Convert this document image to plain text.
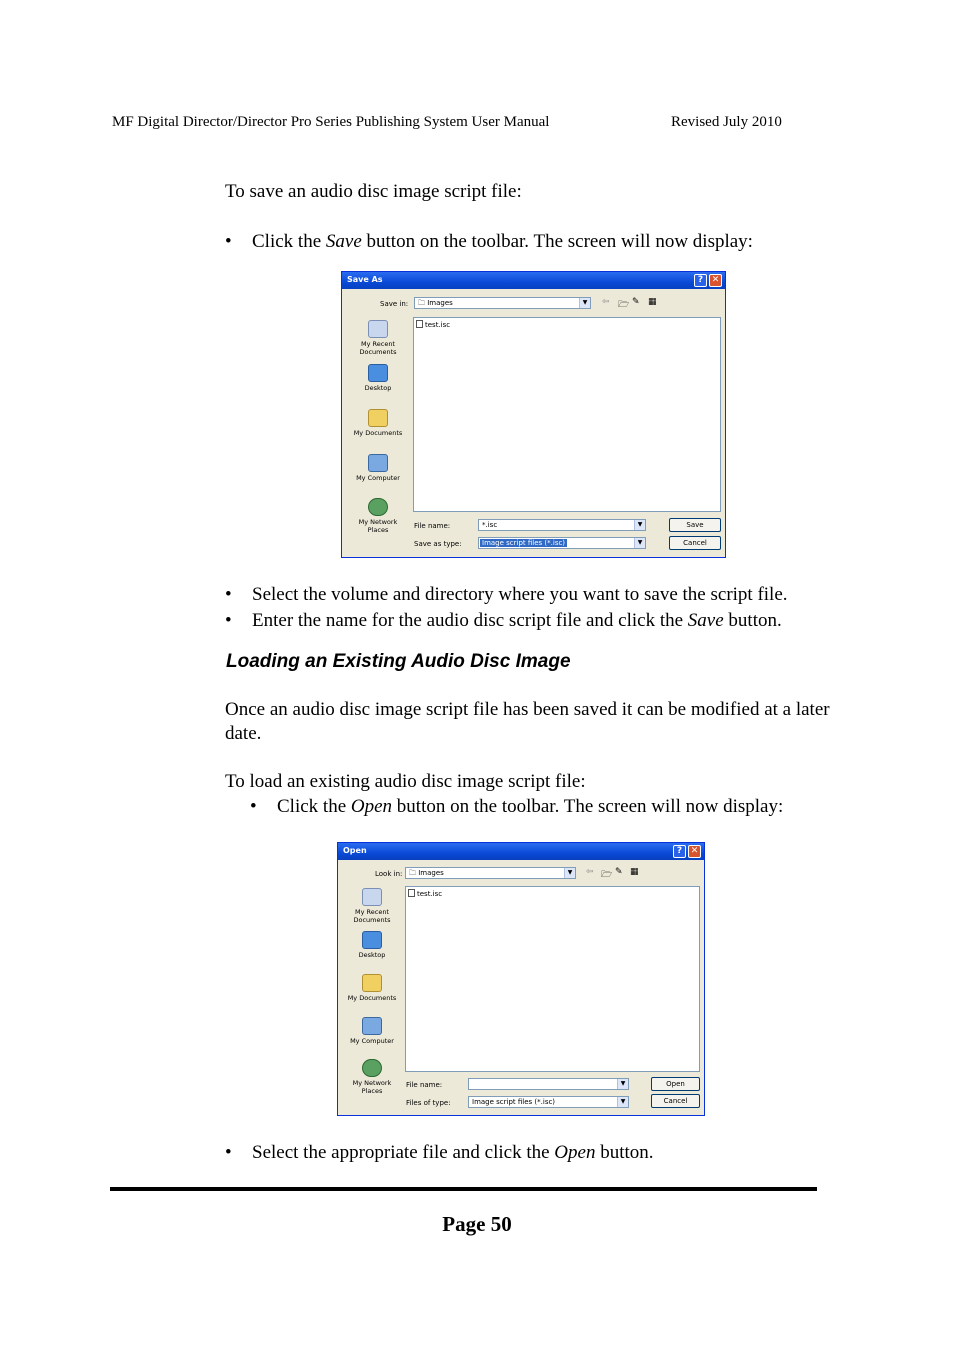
MF Digital Director/Director Pro Series Publishing System User Manual	Revised July 2010
To save an audio disc image script file:
• Click the Save button on the toolbar. The screen will now display:
Save As	? ✕
Save in: 🗀 Images	▼ ⇦ 🗁 ✎ ▦
My Recent Documents
Desktop
My Documents
My Computer
My Network Places
test.isc
File name:	*.isc	▼
Save as type:	Image script files (*.isc)	▼
Save
Cancel
• Select the volume and directory where you want to save the script file.
• Enter the name for the audio disc script file and click the Save button.
Loading an Existing Audio Disc Image
Once an audio disc image script file has been saved it can be modified at a later date.
To load an existing audio disc image script file:
• Click the Open button on the toolbar. The screen will now display:
Open	? ✕
Look in: 🗀 Images	▼ ⇦ 🗁 ✎ ▦
My Recent Documents
Desktop
My Documents
My Computer
My Network Places
test.isc
File name:	▼
Files of type:	Image script files (*.isc)	▼
Open
Cancel
• Select the appropriate file and click the Open button.
Page 50
